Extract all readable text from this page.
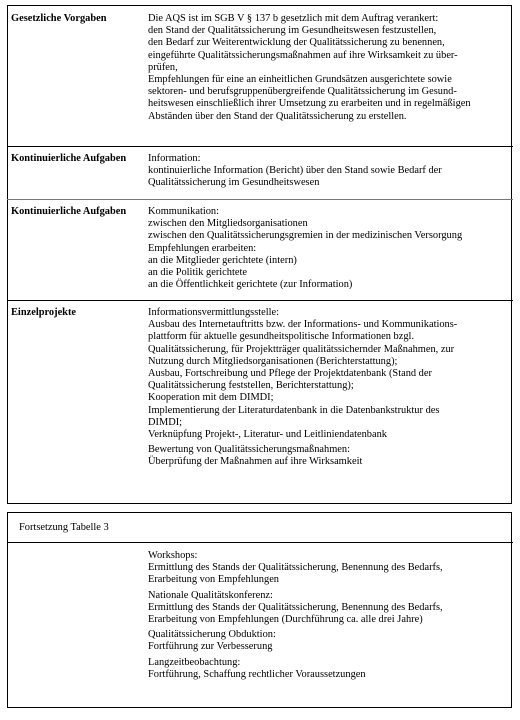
Gesetzliche Vorgaben	Die AQS ist im SGB V § 137 b gesetzlich mit dem Auftrag verankert:
den Stand der Qualitätssicherung im Gesundheitswesen festzustellen,
den Bedarf zur Weiterentwicklung der Qualitätssicherung zu benennen,
eingeführte Qualitätssicherungsmaßnahmen auf ihre Wirksamkeit zu über-
prüfen,
Empfehlungen für eine an einheitlichen Grundsätzen ausgerichtete sowie
sektoren- und berufsgruppenübergreifende Qualitätssicherung im Gesund-
heitswesen einschließlich ihrer Umsetzung zu erarbeiten und in regelmäßigen
Abständen über den Stand der Qualitätssicherung zu erstellen.
Kontinuierliche Aufgaben	Information:
kontinuierliche Information (Bericht) über den Stand sowie Bedarf der
Qualitätssicherung im Gesundheitswesen
Kontinuierliche Aufgaben	Kommunikation:
zwischen den Mitgliedsorganisationen
zwischen den Qualitätssicherungsgremien in der medizinischen Versorgung
Empfehlungen erarbeiten:
an die Mitglieder gerichtete (intern)
an die Politik gerichtete
an die Öffentlichkeit gerichtete (zur Information)
Einzelprojekte	Informationsvermittlungsstelle:
Ausbau des Internetauftritts bzw. der Informations- und Kommunikations-
plattform für aktuelle gesundheitspolitische Informationen bzgl.
Qualitätssicherung, für Projektträger qualitätssichernder Maßnahmen, zur
Nutzung durch Mitgliedsorganisationen (Berichterstattung);
Ausbau, Fortschreibung und Pflege der Projektdatenbank (Stand der
Qualitätssicherung feststellen, Berichterstattung);
Kooperation mit dem DIMDI;
Implementierung der Literaturdatenbank in die Datenbankstruktur des
DIMDI;
Verknüpfung Projekt-, Literatur- und Leitliniendatenbank
Bewertung von Qualitätssicherungsmaßnahmen:
Überprüfung der Maßnahmen auf ihre Wirksamkeit
Fortsetzung Tabelle 3
Workshops:
Ermittlung des Stands der Qualitätssicherung, Benennung des Bedarfs,
Erarbeitung von Empfehlungen
Nationale Qualitätskonferenz:
Ermittlung des Stands der Qualitätssicherung, Benennung des Bedarfs,
Erarbeitung von Empfehlungen (Durchführung ca. alle drei Jahre)
Qualitätssicherung Obduktion:
Fortführung zur Verbesserung
Langzeitbeobachtung:
Fortführung, Schaffung rechtlicher Voraussetzungen
